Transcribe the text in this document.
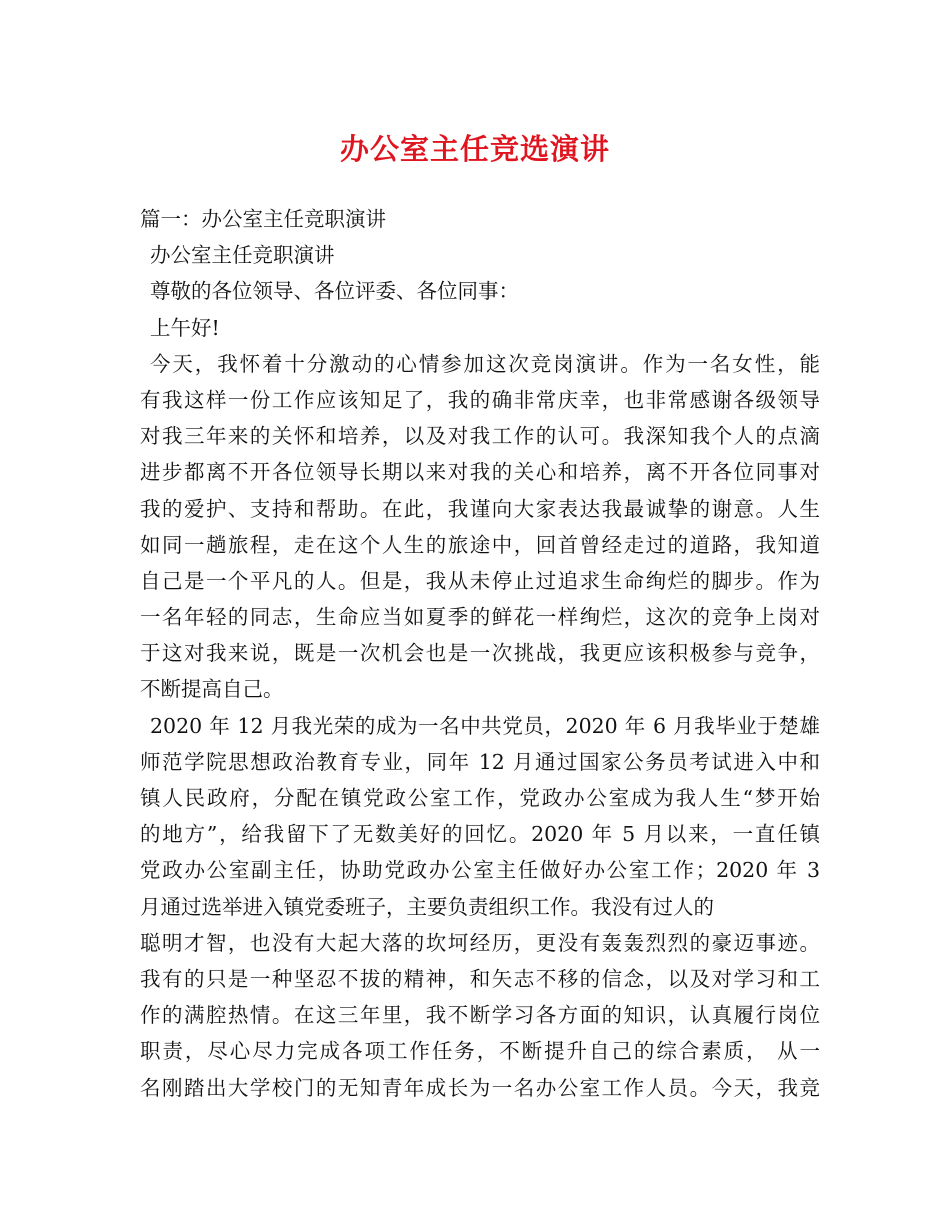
办公室主任竞选演讲
篇一：办公室主任竞职演讲
办公室主任竞职演讲
尊敬的各位领导、各位评委、各位同事：
上午好!
今天，我怀着十分激动的心情参加这次竞岗演讲。作为一名女性，能
有我这样一份工作应该知足了，我的确非常庆幸，也非常感谢各级领导
对我三年来的关怀和培养，以及对我工作的认可。我深知我个人的点滴
进步都离不开各位领导长期以来对我的关心和培养，离不开各位同事对
我的爱护、支持和帮助。在此，我谨向大家表达我最诚挚的谢意。人生
如同一趟旅程，走在这个人生的旅途中，回首曾经走过的道路，我知道
自己是一个平凡的人。但是，我从未停止过追求生命绚烂的脚步。作为
一名年轻的同志，生命应当如夏季的鲜花一样绚烂，这次的竞争上岗对
于这对我来说，既是一次机会也是一次挑战，我更应该积极参与竞争，
不断提高自己。
2020 年 12 月我光荣的成为一名中共党员，2020 年 6 月我毕业于楚雄
师范学院思想政治教育专业，同年 12 月通过国家公务员考试进入中和
镇人民政府，分配在镇党政公室工作，党政办公室成为我人生“梦开始
的地方”，给我留下了无数美好的回忆。2020 年 5 月以来，一直任镇
党政办公室副主任，协助党政办公室主任做好办公室工作；2020 年 3
月通过选举进入镇党委班子，主要负责组织工作。我没有过人的
聪明才智，也没有大起大落的坎坷经历，更没有轰轰烈烈的豪迈事迹。
我有的只是一种坚忍不拔的精神，和矢志不移的信念，以及对学习和工
作的满腔热情。在这三年里，我不断学习各方面的知识，认真履行岗位
职责，尽心尽力完成各项工作任务，不断提升自己的综合素质， 从一
名刚踏出大学校门的无知青年成长为一名办公室工作人员。今天，我竞
